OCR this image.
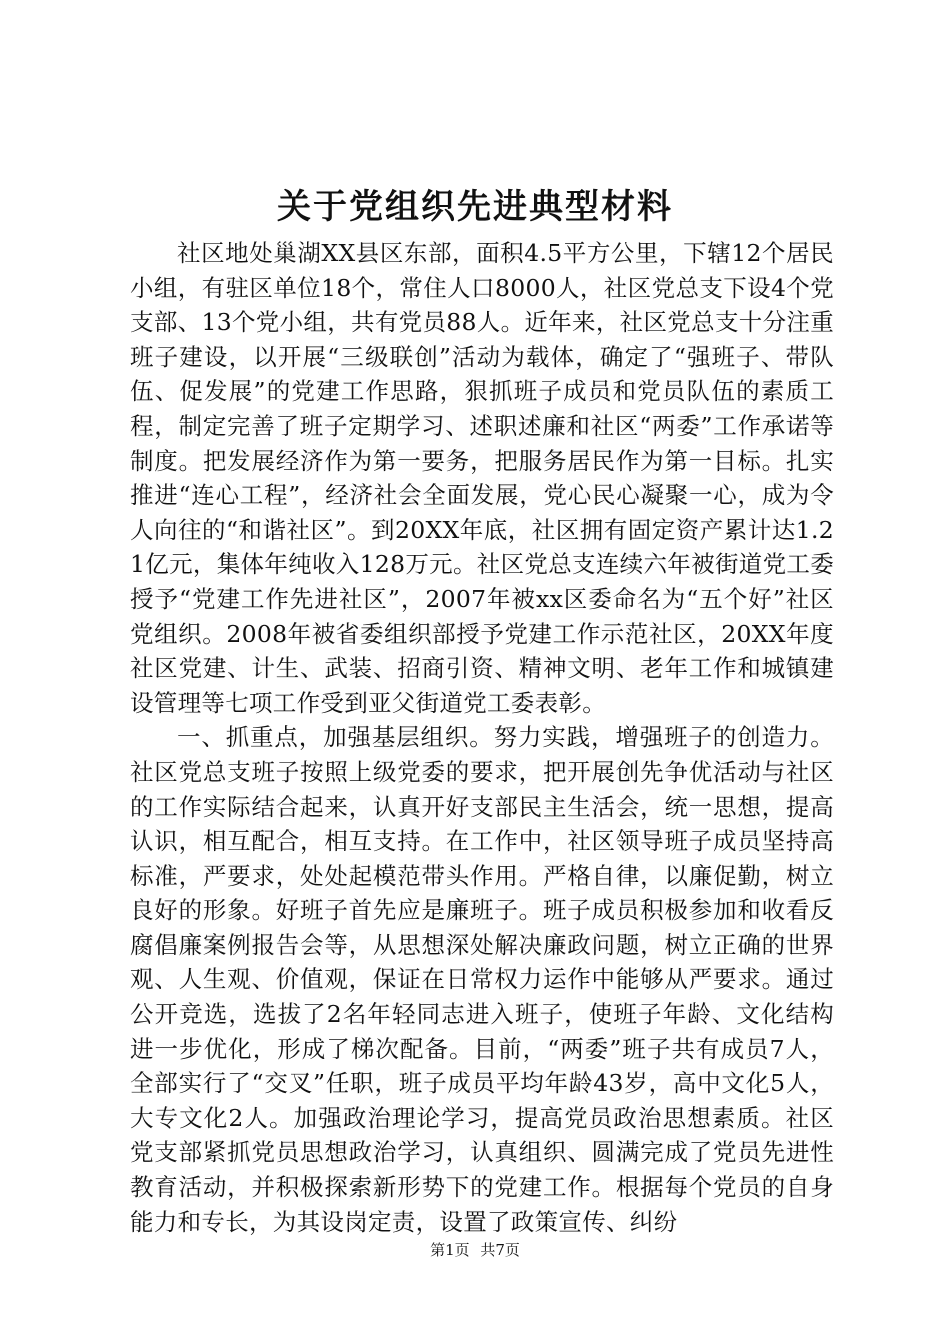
关于党组织先进典型材料

社区地处巢湖XX县区东部，面积4.5平方公里，下辖12个居民小组，有驻区单位18个，常住人口8000人，社区党总支下设4个党支部、13个党小组，共有党员88人。近年来，社区党总支十分注重班子建设，以开展“三级联创”活动为载体，确定了“强班子、带队伍、促发展”的党建工作思路，狠抓班子成员和党员队伍的素质工程，制定完善了班子定期学习、述职述廉和社区“两委”工作承诺等制度。把发展经济作为第一要务，把服务居民作为第一目标。扎实推进“连心工程”，经济社会全面发展，党心民心凝聚一心，成为令人向往的“和谐社区”。到20XX年底，社区拥有固定资产累计达1.21亿元，集体年纯收入128万元。社区党总支连续六年被街道党工委授予“党建工作先进社区”，2007年被xx区委命名为“五个好”社区党组织。2008年被省委组织部授予党建工作示范社区，20XX年度社区党建、计生、武装、招商引资、精神文明、老年工作和城镇建设管理等七项工作受到亚父街道党工委表彰。

一、抓重点，加强基层组织。努力实践，增强班子的创造力。社区党总支班子按照上级党委的要求，把开展创先争优活动与社区的工作实际结合起来，认真开好支部民主生活会，统一思想，提高认识，相互配合，相互支持。在工作中，社区领导班子成员坚持高标准，严要求，处处起模范带头作用。严格自律，以廉促勤，树立良好的形象。好班子首先应是廉班子。班子成员积极参加和收看反腐倡廉案例报告会等，从思想深处解决廉政问题，树立正确的世界观、人生观、价值观，保证在日常权力运作中能够从严要求。通过公开竞选，选拔了2名年轻同志进入班子，使班子年龄、文化结构进一步优化，形成了梯次配备。目前，“两委”班子共有成员7人，全部实行了“交叉”任职，班子成员平均年龄43岁，高中文化5人，大专文化2人。加强政治理论学习，提高党员政治思想素质。社区党支部紧抓党员思想政治学习，认真组织、圆满完成了党员先进性教育活动，并积极探索新形势下的党建工作。根据每个党员的自身能力和专长，为其设岗定责，设置了政策宣传、纠纷

第1页 共7页
